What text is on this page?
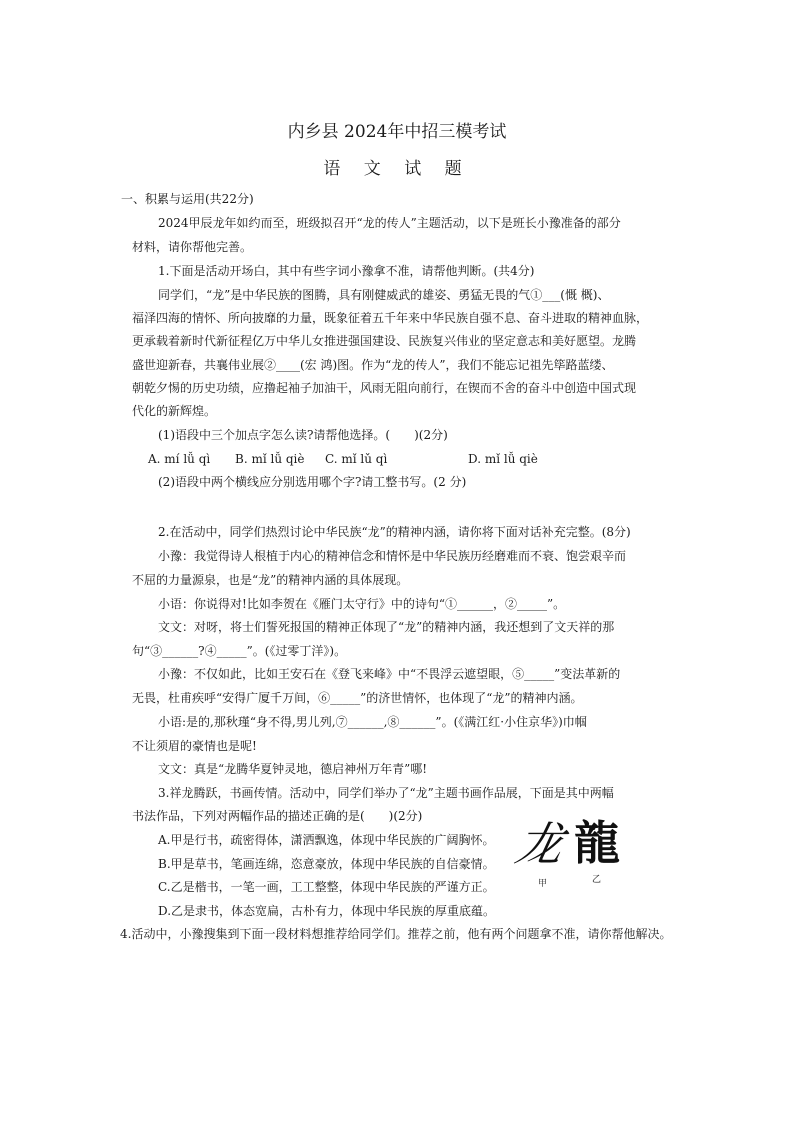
内乡县 2024年中招三模考试
语 文 试 题
一、积累与运用(共22分)
2024甲辰龙年如约而至，班级拟召开“龙的传人”主题活动，以下是班长小豫准备的部分
材料，请你帮他完善。
1.下面是活动开场白，其中有些字词小豫拿不准，请帮他判断。(共4分)
同学们，“龙”是中华民族的图腾，具有刚健威武的雄姿、勇猛无畏的气①___(慨 概)、
福泽四海的情怀、所向披靡的力量，既象征着五千年来中华民族自强不息、奋斗进取的精神血脉，
更承载着新时代新征程亿万中华儿女推进强国建设、民族复兴伟业的坚定意志和美好愿望。龙腾
盛世迎新春，共襄伟业展②____(宏 鸿)图。作为“龙的传人”，我们不能忘记祖先筚路蓝缕、
朝乾夕惕的历史功绩，应撸起袖子加油干，风雨无阻向前行，在锲而不舍的奋斗中创造中国式现
代化的新辉煌。
(1)语段中三个加点字怎么读?请帮他选择。(　　)(2分)
A. mí lǚ qì B. mǐ lǚ qiè C. mǐ lǔ qì	D. mǐ lǚ qiè
(2)语段中两个横线应分别选用哪个字?请工整书写。(2 分)
2.在活动中，同学们热烈讨论中华民族“龙”的精神内涵，请你将下面对话补充完整。(8分)
小豫：我觉得诗人根植于内心的精神信念和情怀是中华民族历经磨难而不衰、饱尝艰辛而
不屈的力量源泉，也是“龙”的精神内涵的具体展现。
小语：你说得对!比如李贺在《雁门太守行》中的诗句“①______，②_____”。
文文：对呀，将士们誓死报国的精神正体现了“龙”的精神内涵，我还想到了文天祥的那
句“③______?④_____”。(《过零丁洋》)。
小豫：不仅如此，比如王安石在《登飞来峰》中“不畏浮云遮望眼，⑤_____”变法革新的
无畏，杜甫疾呼“安得广厦千万间，⑥_____”的济世情怀，也体现了“龙”的精神内涵。
小语:是的,那秋瑾“身不得,男儿列,⑦______,⑧______”。(《满江红·小住京华》)巾帼
不让须眉的豪情也是呢!
文文：真是“龙腾华夏钟灵地，德启神州万年青”哪!
3.祥龙腾跃，书画传情。活动中，同学们举办了“龙”主题书画作品展，下面是其中两幅
书法作品，下列对两幅作品的描述正确的是(　　)(2分)
A.甲是行书，疏密得体，潇洒飘逸，体现中华民族的广阔胸怀。
B.甲是草书，笔画连绵，恣意豪放，体现中华民族的自信豪情。
C.乙是楷书，一笔一画，工工整整，体现中华民族的严谨方正。
D.乙是隶书，体态宽扁，古朴有力，体现中华民族的厚重底蕴。
龙 龍
甲	乙
4.活动中，小豫搜集到下面一段材料想推荐给同学们。推荐之前，他有两个问题拿不准，请你帮他解决。
